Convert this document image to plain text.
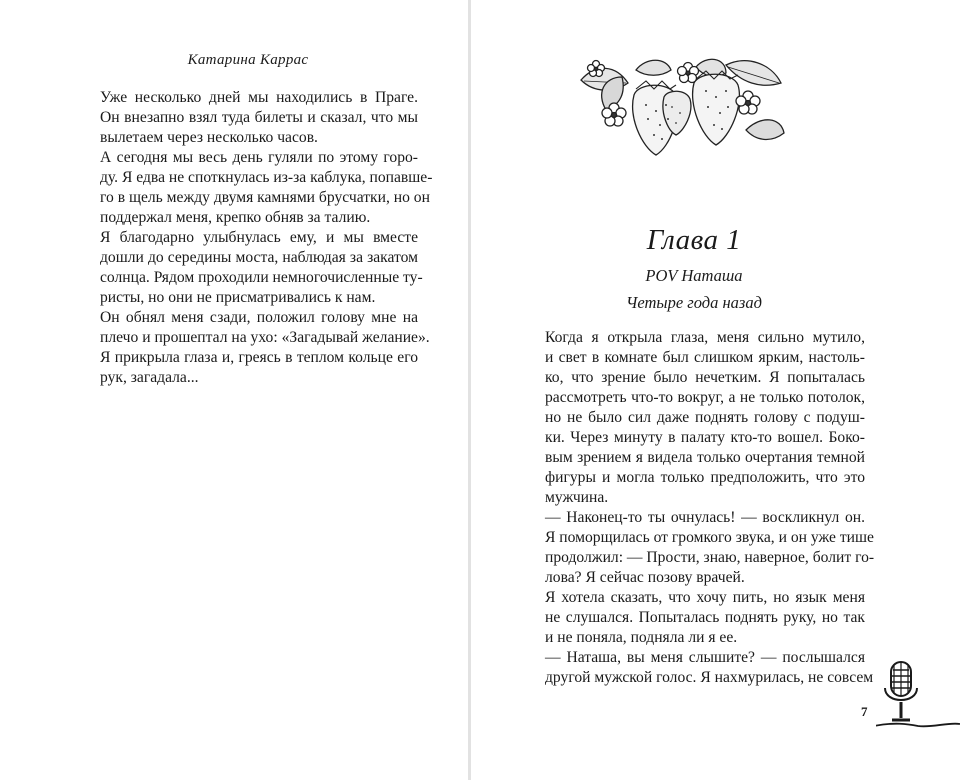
Катарина Каррас

Уже несколько дней мы находились в Праге.
Он внезапно взял туда билеты и сказал, что мы
вылетаем через несколько часов.

А сегодня мы весь день гуляли по этому горо-
ду. Я едва не споткнулась из-за каблука, попавше-
го в щель между двумя камнями брусчатки, но он
поддержал меня, крепко обняв за талию.

Я благодарно улыбнулась ему, и мы вместе
дошли до середины моста, наблюдая за закатом
солнца. Рядом проходили немногочисленные ту-
ристы, но они не присматривались к нам.

Он обнял меня сзади, положил голову мне на
плечо и прошептал на ухо: «Загадывай желание».
Я прикрыла глаза и, греясь в теплом кольце его
рук, загадала...

Глава 1
POV Наташа
Четыре года назад

Когда я открыла глаза, меня сильно мутило,
и свет в комнате был слишком ярким, настоль-
ко, что зрение было нечетким. Я попыталась
рассмотреть что-то вокруг, а не только потолок,
но не было сил даже поднять голову с подуш-
ки. Через минуту в палату кто-то вошел. Боко-
вым зрением я видела только очертания темной
фигуры и могла только предположить, что это
мужчина.

— Наконец-то ты очнулась! — воскликнул он.
Я поморщилась от громкого звука, и он уже тише
продолжил: — Прости, знаю, наверное, болит го-
лова? Я сейчас позову врачей.

Я хотела сказать, что хочу пить, но язык меня
не слушался. Попыталась поднять руку, но так
и не поняла, подняла ли я ее.

— Наташа, вы меня слышите? — послышался
другой мужской голос. Я нахмурилась, не совсем

7
